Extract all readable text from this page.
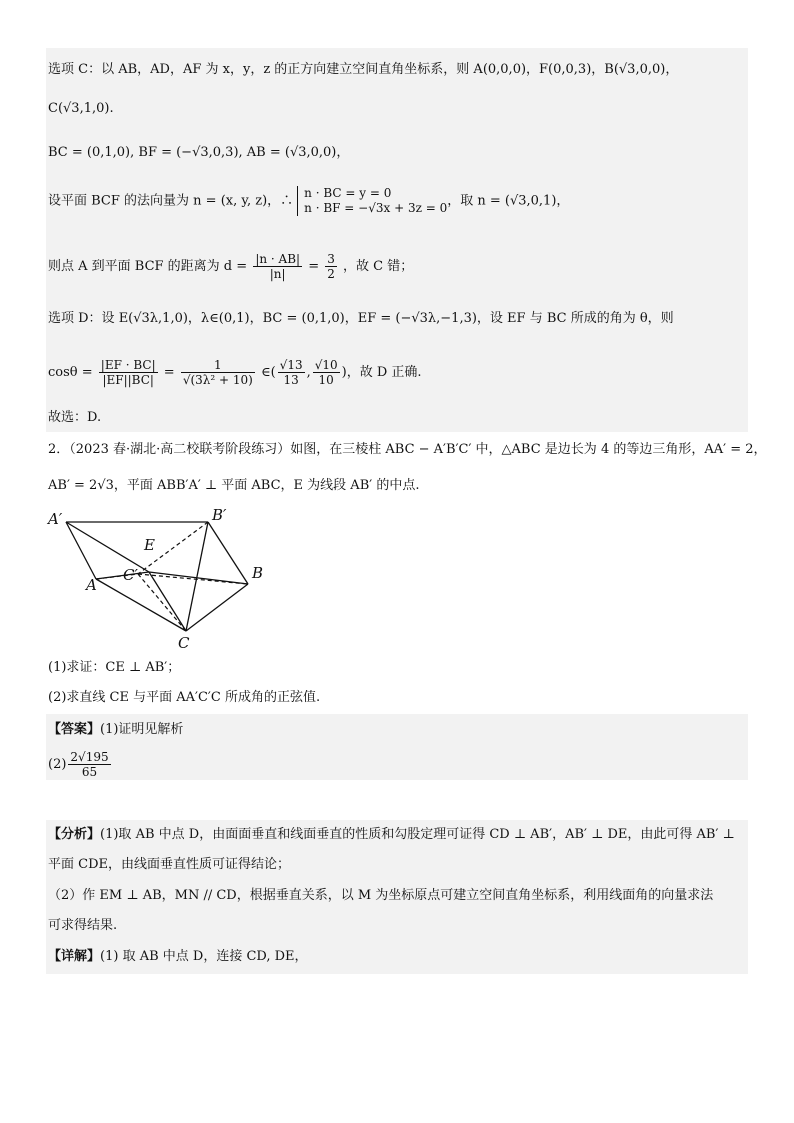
选项 C：以 AB，AD，AF 为 x，y，z 的正方向建立空间直角坐标系，则 A(0,0,0)，F(0,0,3)，B(√3,0,0)，
C(√3,1,0).
BC = (0,1,0), BF = (−√3,0,3), AB = (√3,0,0)，
设平面 BCF 的法向量为 n = (x, y, z)，∴
n · BC = y = 0
n · BF = −√3x + 3z = 0 ，取 n = (√3,0,1)，
则点 A 到平面 BCF 的距离为 $d = \frac{|n \cdot AB|}{|n|} = \frac{3}{2}$ ，故 C 错；
选项 D：设 E(√3λ,1,0)，λ∈(0,1)，BC = (0,1,0)，EF = (−√3λ,−1,3)，设 EF 与 BC 所成的角为 θ，则
$\cos\theta = \frac{|EF \cdot BC|}{|EF||BC|} = \frac{1}{\text{√(3λ² + 10)}}$ ∈( $\frac{√13}{13}$ , $\frac{√10}{10}$ )，故 D 正确.
故选：D.
2．（2023 春·湖北·高二校联考阶段练习）如图，在三棱柱 ABC − A′B′C′ 中，△ABC 是边长为 4 的等边三角形，AA′ = 2，
AB′ = 2√3，平面 ABB′A′ ⊥ 平面 ABC，E 为线段 AB′ 的中点.
A′	B′
E
C′
A
B
C
(1)求证：CE ⊥ AB′；
(2)求直线 CE 与平面 AA′C′C 所成角的正弦值.
【答案】(1)证明见解析
$(2) \frac{2√195}{65}$
【分析】(1)取 AB 中点 D，由面面垂直和线面垂直的性质和勾股定理可证得 CD ⊥ AB′，AB′ ⊥ DE，由此可得 AB′ ⊥
平面 CDE，由线面垂直性质可证得结论；
（2）作 EM ⊥ AB，MN // CD，根据垂直关系，以 M 为坐标原点可建立空间直角坐标系，利用线面角的向量求法
可求得结果.
【详解】(1) 取 AB 中点 D，连接 CD, DE，
